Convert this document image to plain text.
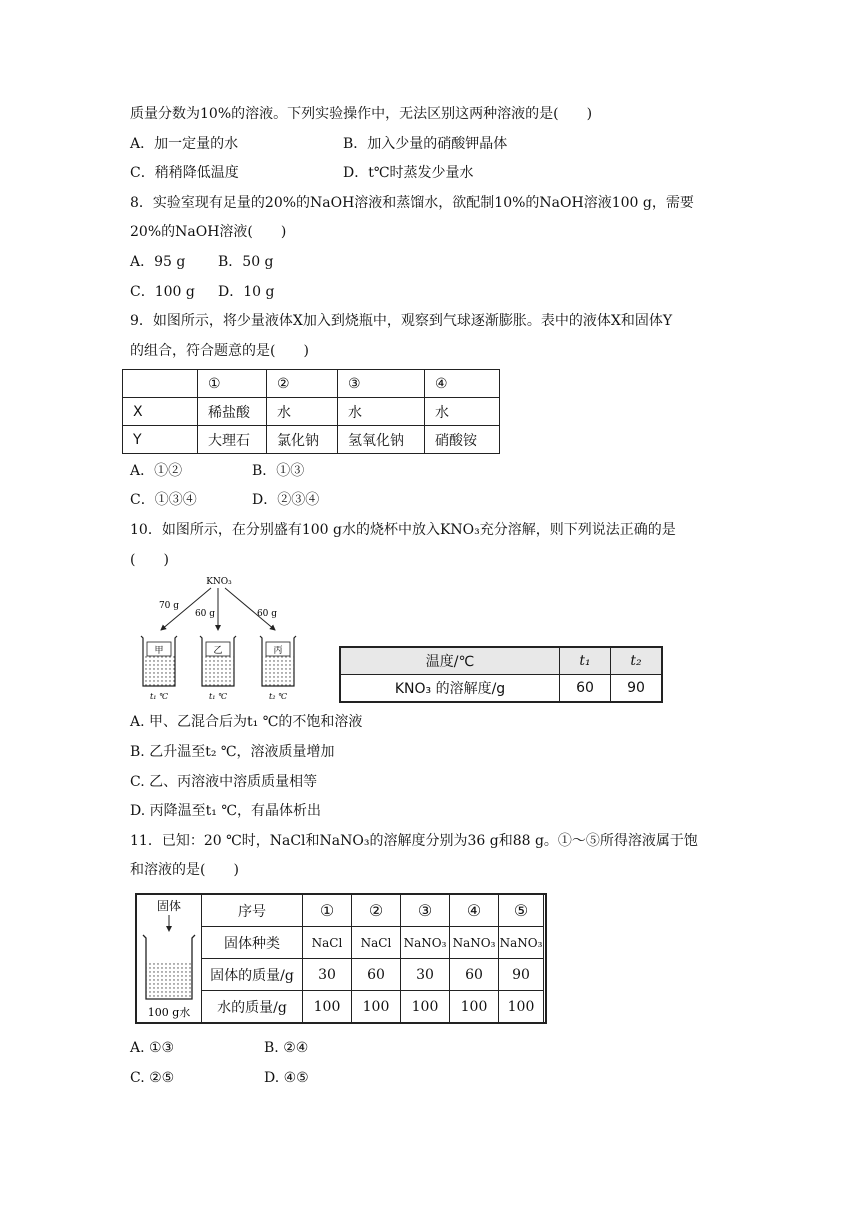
质量分数为10%的溶液。下列实验操作中，无法区别这两种溶液的是(　　)
A．加一定量的水	B．加入少量的硝酸钾晶体
C．稍稍降低温度	D．t℃时蒸发少量水
8．实验室现有足量的20%的NaOH溶液和蒸馏水，欲配制10%的NaOH溶液100 g，需要
20%的NaOH溶液(　　)
A．95 g B．50 g
C．100 g D．10 g
9．如图所示，将少量液体X加入到烧瓶中，观察到气球逐渐膨胀。表中的液体X和固体Y
的组合，符合题意的是(　　)
	①	②	③	④
X	稀盐酸	水	水	水
Y	大理石	氯化钠	氢氧化钠	硝酸铵
A．①②	B．①③
C．①③④	D．②③④
10．如图所示，在分别盛有100 g水的烧杯中放入KNO₃充分溶解，则下列说法正确的是
(　　)
KNO₃
70 g
60 g	60 g
甲
t₁ ℃
乙
t₁ ℃
丙
t₂ ℃
温度/℃	t₁	t₂
KNO₃ 的溶解度/g	60	90
A. 甲、乙混合后为t₁ ℃的不饱和溶液
B. 乙升温至t₂ ℃，溶液质量增加
C. 乙、丙溶液中溶质质量相等
D. 丙降温至t₁ ℃，有晶体析出
11．已知：20 ℃时，NaCl和NaNO₃的溶解度分别为36 g和88 g。①～⑤所得溶液属于饱
和溶液的是(　　)
固体
100 g水
序号	①	②	③	④	⑤
固体种类	NaCl	NaCl	NaNO₃	NaNO₃	NaNO₃
固体的质量/g	30	60	30	60	90
水的质量/g	100	100	100	100	100
A. ①③	B. ②④
C. ②⑤	D. ④⑤
